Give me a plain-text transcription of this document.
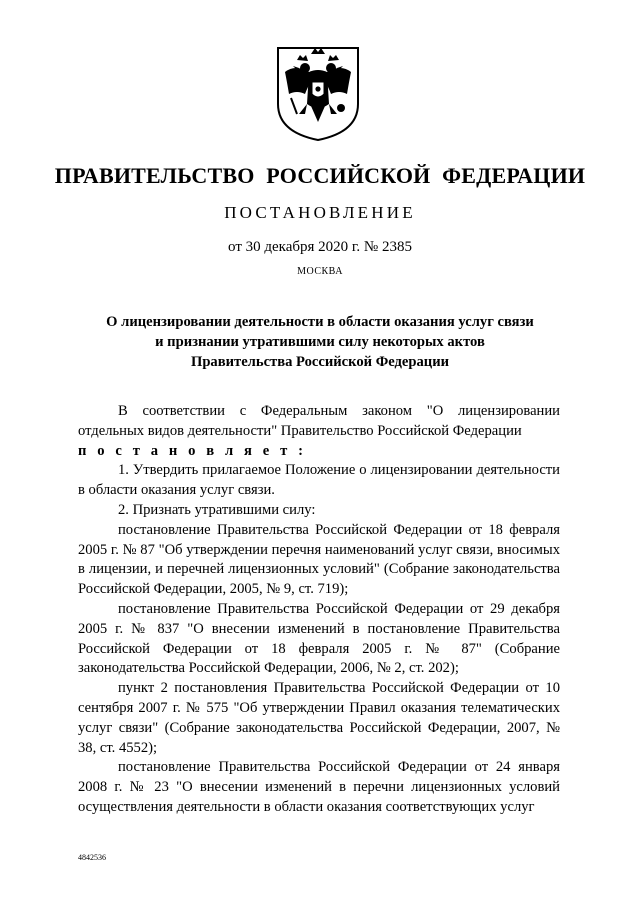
ПРАВИТЕЛЬСТВО РОССИЙСКОЙ ФЕДЕРАЦИИ
ПОСТАНОВЛЕНИЕ
от 30 декабря 2020 г. № 2385
МОСКВА
О лицензировании деятельности в области оказания услуг связи
и признании утратившими силу некоторых актов
Правительства Российской Федерации

В соответствии с Федеральным законом "О лицензировании отдельных видов деятельности" Правительство Российской Федерации

п о с т а н о в л я е т :

1. Утвердить прилагаемое Положение о лицензировании деятельности в области оказания услуг связи.

2. Признать утратившими силу:

постановление Правительства Российской Федерации от 18 февраля 2005 г. № 87 "Об утверждении перечня наименований услуг связи, вносимых в лицензии, и перечней лицензионных условий" (Собрание законодательства Российской Федерации, 2005, № 9, ст. 719);

постановление Правительства Российской Федерации от 29 декабря 2005 г. № 837 "О внесении изменений в постановление Правительства Российской Федерации от 18 февраля 2005 г. № 87" (Собрание законодательства Российской Федерации, 2006, № 2, ст. 202);

пункт 2 постановления Правительства Российской Федерации от 10 сентября 2007 г. № 575 "Об утверждении Правил оказания телематических услуг связи" (Собрание законодательства Российской Федерации, 2007, № 38, ст. 4552);

постановление Правительства Российской Федерации от 24 января 2008 г. № 23 "О внесении изменений в перечни лицензионных условий осуществления деятельности в области оказания соответствующих услуг

4842536
